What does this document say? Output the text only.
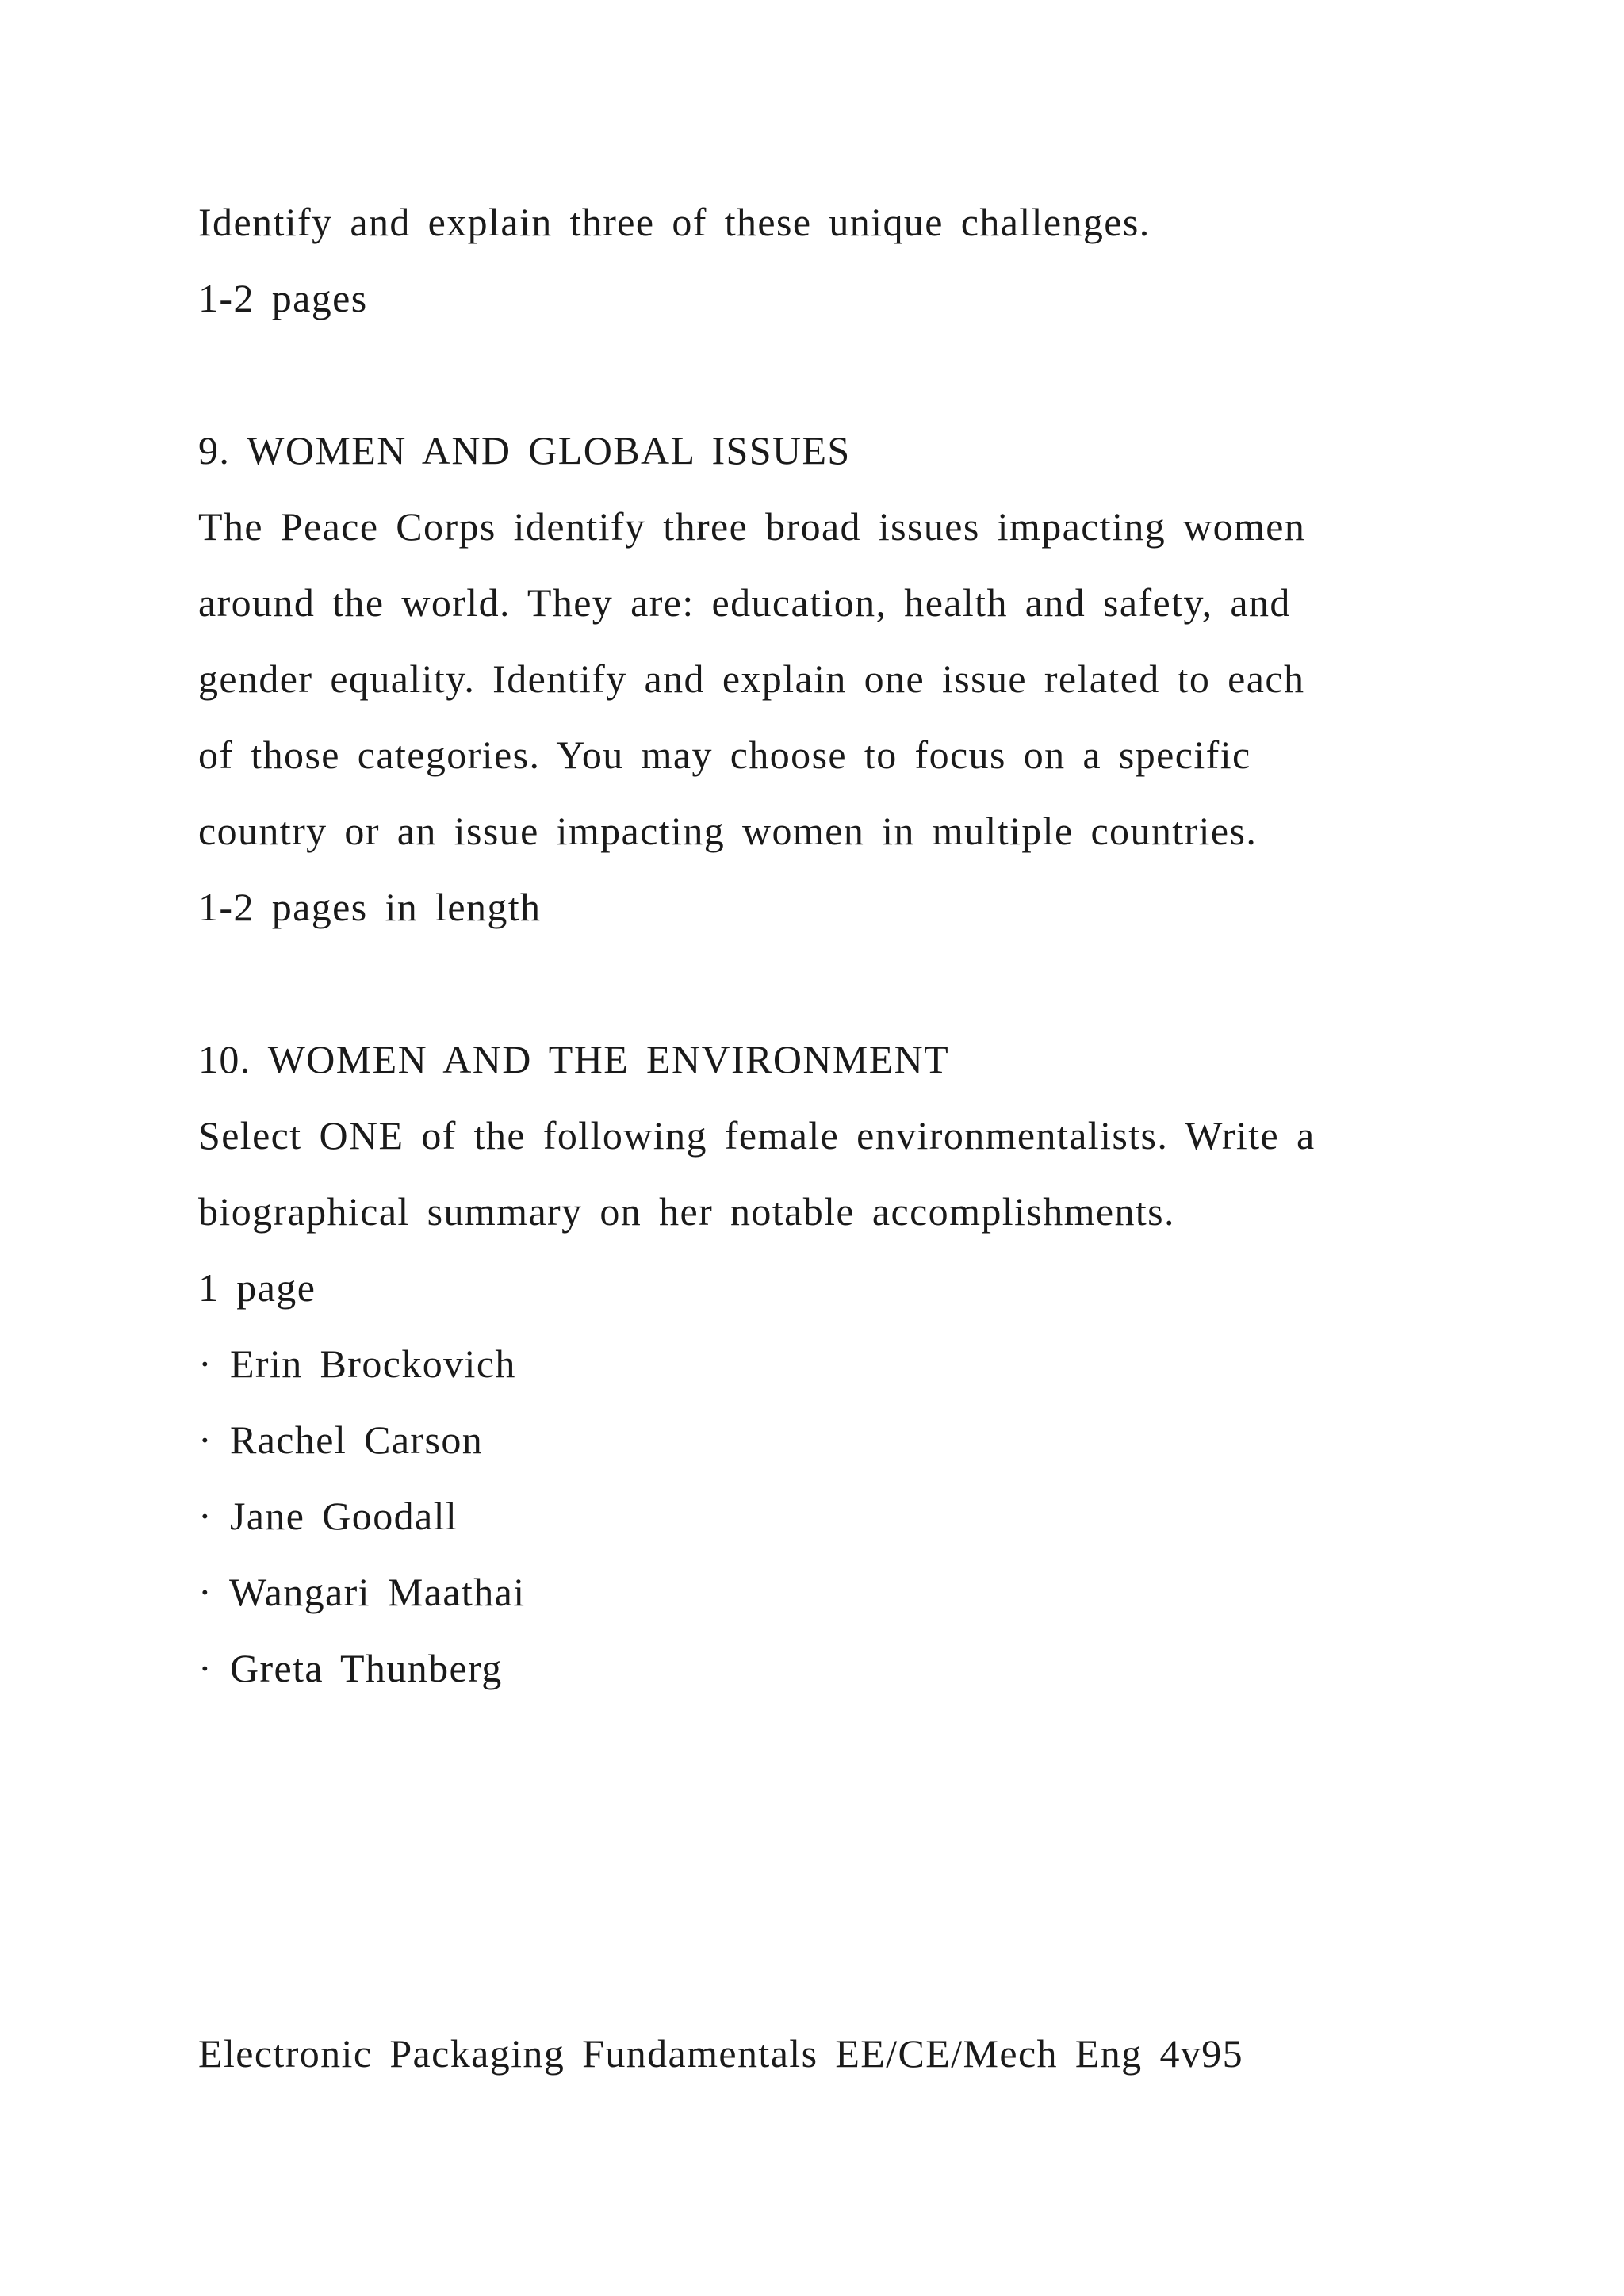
Identify and explain three of these unique challenges.
1-2 pages
9. WOMEN AND GLOBAL ISSUES
The Peace Corps identify three broad issues impacting women
around the world. They are: education, health and safety, and
gender equality. Identify and explain one issue related to each
of those categories. You may choose to focus on a specific
country or an issue impacting women in multiple countries.
1-2 pages in length
10. WOMEN AND THE ENVIRONMENT
Select ONE of the following female environmentalists. Write a
biographical summary on her notable accomplishments.
1 page
· Erin Brockovich
· Rachel Carson
· Jane Goodall
· Wangari Maathai
· Greta Thunberg
Electronic Packaging Fundamentals EE/CE/Mech Eng 4v95
